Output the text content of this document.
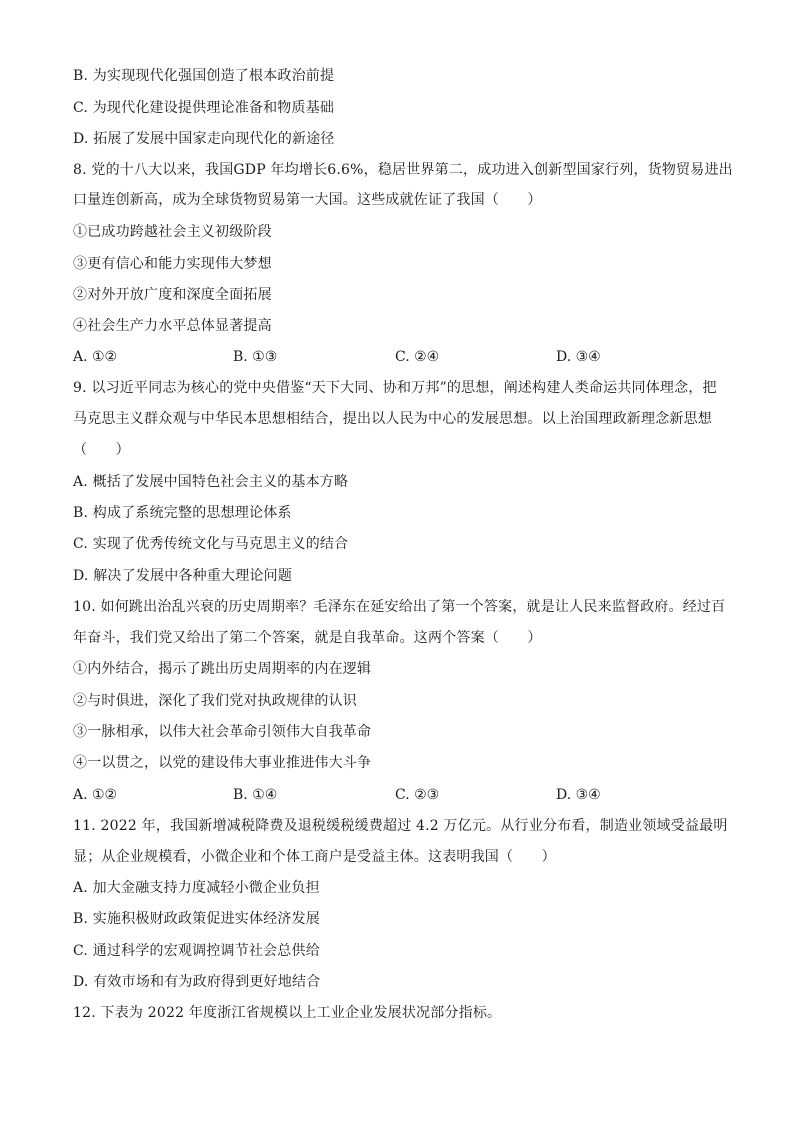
B. 为实现现代化强国创造了根本政治前提
C. 为现代化建设提供理论准备和物质基础
D. 拓展了发展中国家走向现代化的新途径
8. 党的十八大以来，我国GDP 年均增长6.6%，稳居世界第二，成功进入创新型国家行列，货物贸易进出
口量连创新高，成为全球货物贸易第一大国。这些成就佐证了我国（　　）
①已成功跨越社会主义初级阶段
③更有信心和能力实现伟大梦想
②对外开放广度和深度全面拓展
④社会生产力水平总体显著提高
A. ①②	B. ①③	C. ②④	D. ③④
9. 以习近平同志为核心的党中央借鉴“天下大同、协和万邦”的思想，阐述构建人类命运共同体理念，把
马克思主义群众观与中华民本思想相结合，提出以人民为中心的发展思想。以上治国理政新理念新思想
（　　）
A. 概括了发展中国特色社会主义的基本方略
B. 构成了系统完整的思想理论体系
C. 实现了优秀传统文化与马克思主义的结合
D. 解决了发展中各种重大理论问题
10. 如何跳出治乱兴衰的历史周期率？毛泽东在延安给出了第一个答案，就是让人民来监督政府。经过百
年奋斗，我们党又给出了第二个答案，就是自我革命。这两个答案（　　）
①内外结合，揭示了跳出历史周期率的内在逻辑
②与时俱进，深化了我们党对执政规律的认识
③一脉相承，以伟大社会革命引领伟大自我革命
④一以贯之，以党的建设伟大事业推进伟大斗争
A. ①②	B. ①④	C. ②③	D. ③④
11. 2022 年，我国新增减税降费及退税缓税缓费超过 4.2 万亿元。从行业分布看，制造业领域受益最明
显；从企业规模看，小微企业和个体工商户是受益主体。这表明我国（　　）
A. 加大金融支持力度减轻小微企业负担
B. 实施积极财政政策促进实体经济发展
C. 通过科学的宏观调控调节社会总供给
D. 有效市场和有为政府得到更好地结合
12. 下表为 2022 年度浙江省规模以上工业企业发展状况部分指标。
